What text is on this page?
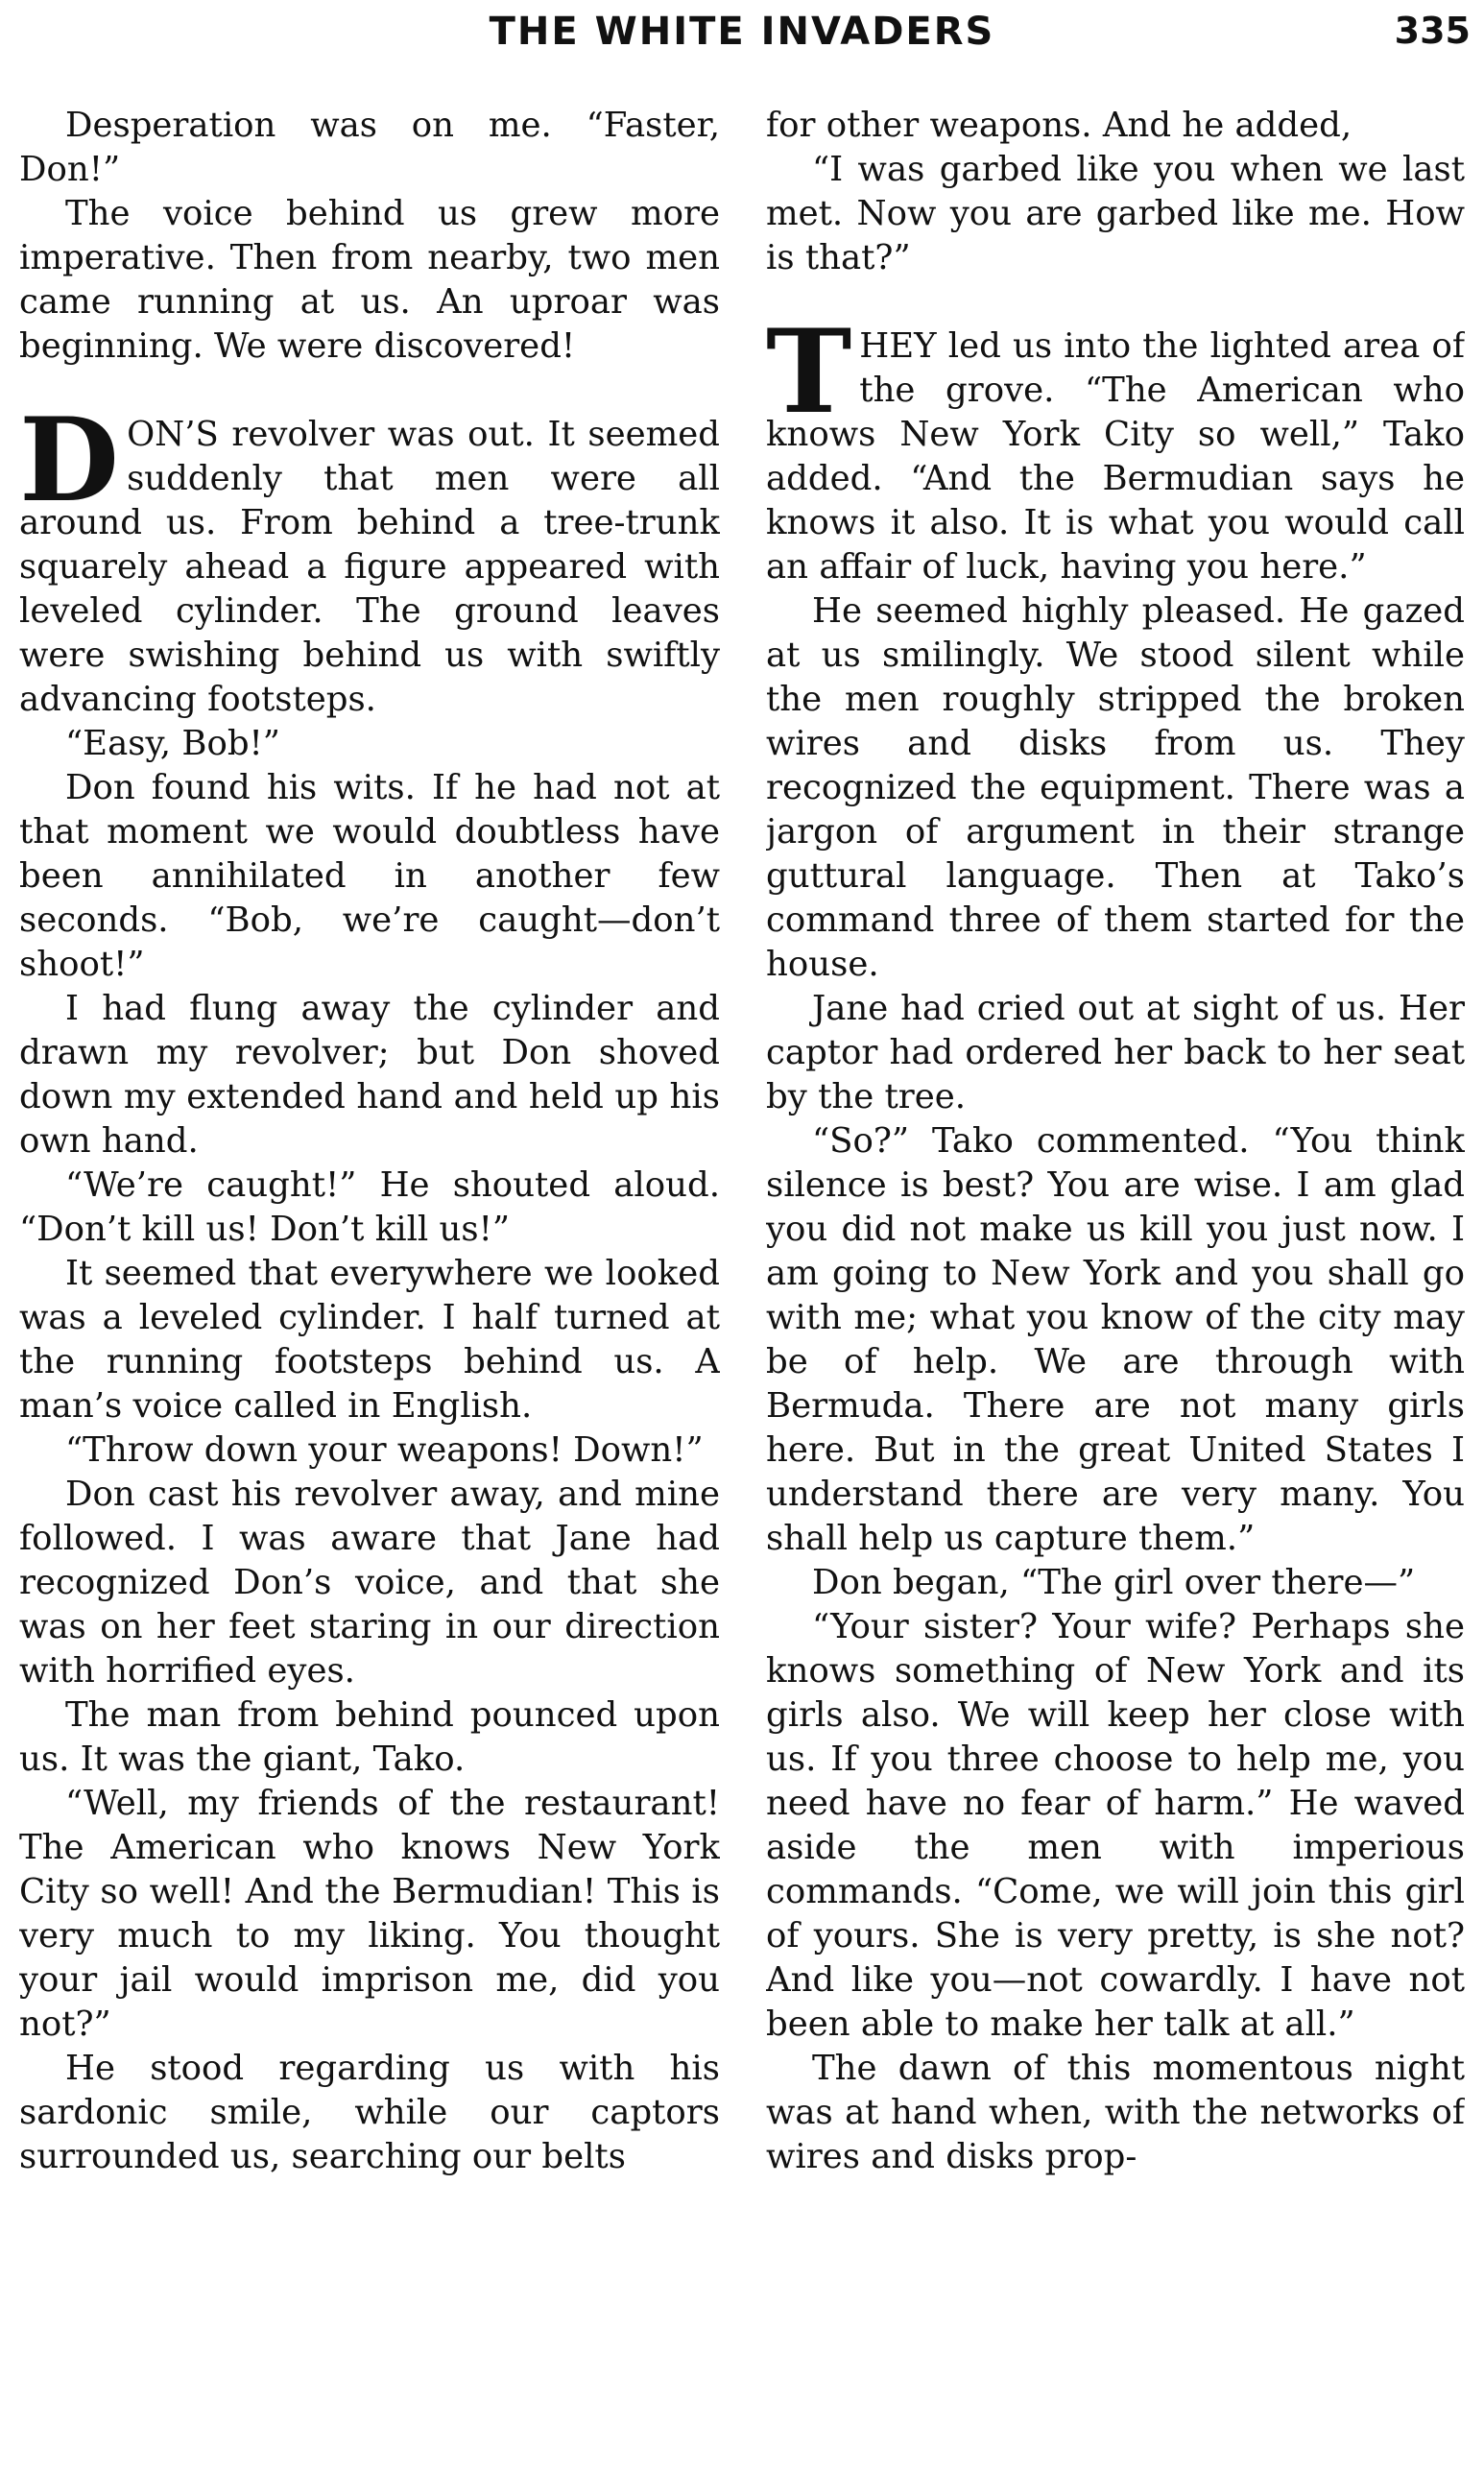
THE WHITE INVADERS	335

Desperation was on me. “Faster, Don!”

The voice behind us grew more imperative. Then from nearby, two men came running at us. An uproar was beginning. We were discovered!

DON’S revolver was out. It seemed suddenly that men were all around us. From behind a tree-trunk squarely ahead a figure appeared with leveled cylinder. The ground leaves were swishing behind us with swiftly advancing footsteps.

“Easy, Bob!”

Don found his wits. If he had not at that moment we would doubtless have been annihilated in another few seconds. “Bob, we’re caught—don’t shoot!”

I had flung away the cylinder and drawn my revolver; but Don shoved down my extended hand and held up his own hand.

“We’re caught!” He shouted aloud. “Don’t kill us! Don’t kill us!”

It seemed that everywhere we looked was a leveled cylinder. I half turned at the running footsteps behind us. A man’s voice called in English.

“Throw down your weapons! Down!”

Don cast his revolver away, and mine followed. I was aware that Jane had recognized Don’s voice, and that she was on her feet staring in our direction with horrified eyes.

The man from behind pounced upon us. It was the giant, Tako.

“Well, my friends of the restaurant! The American who knows New York City so well! And the Bermudian! This is very much to my liking. You thought your jail would imprison me, did you not?”

He stood regarding us with his sardonic smile, while our captors surrounded us, searching our belts

for other weapons. And he added,

“I was garbed like you when we last met. Now you are garbed like me. How is that?”

THEY led us into the lighted area of the grove. “The American who knows New York City so well,” Tako added. “And the Bermudian says he knows it also. It is what you would call an affair of luck, having you here.”

He seemed highly pleased. He gazed at us smilingly. We stood silent while the men roughly stripped the broken wires and disks from us. They recognized the equipment. There was a jargon of argument in their strange guttural language. Then at Tako’s command three of them started for the house.

Jane had cried out at sight of us. Her captor had ordered her back to her seat by the tree.

“So?” Tako commented. “You think silence is best? You are wise. I am glad you did not make us kill you just now. I am going to New York and you shall go with me; what you know of the city may be of help. We are through with Bermuda. There are not many girls here. But in the great United States I understand there are very many. You shall help us capture them.”

Don began, “The girl over there—”

“Your sister? Your wife? Perhaps she knows something of New York and its girls also. We will keep her close with us. If you three choose to help me, you need have no fear of harm.” He waved aside the men with imperious commands. “Come, we will join this girl of yours. She is very pretty, is she not? And like you—not cowardly. I have not been able to make her talk at all.”

The dawn of this momentous night was at hand when, with the networks of wires and disks prop-
